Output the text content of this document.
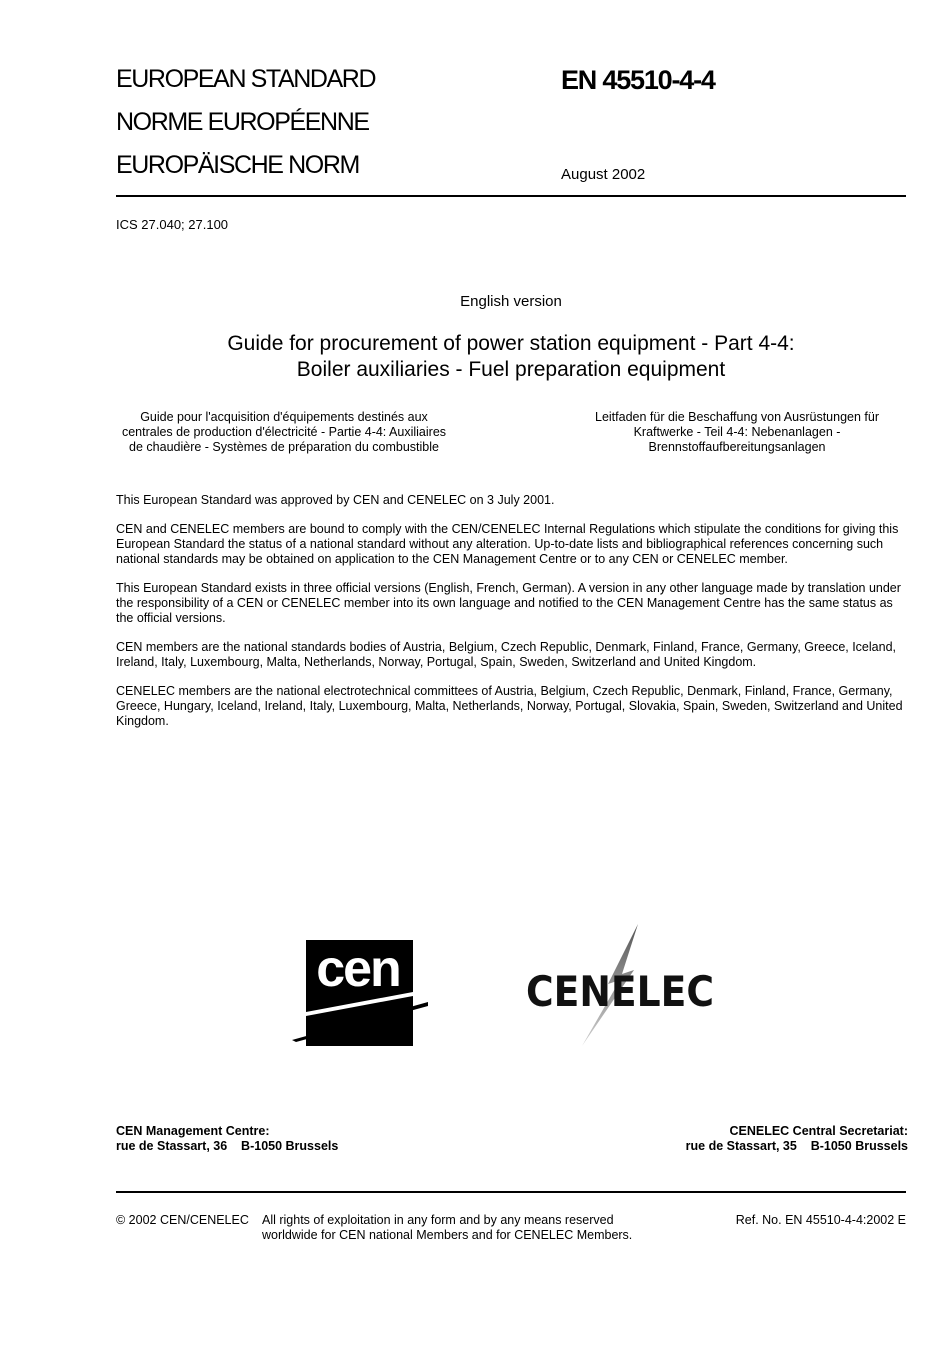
EUROPEAN STANDARD
NORME EUROPÉENNE
EUROPÄISCHE NORM
EN 45510-4-4
August 2002
ICS 27.040; 27.100
English version
Guide for procurement of power station equipment - Part 4-4:
Boiler auxiliaries - Fuel preparation equipment
Guide pour l'acquisition d'équipements destinés aux centrales de production d'électricité - Partie 4-4: Auxiliaires de chaudière - Systèmes de préparation du combustible
Leitfaden für die Beschaffung von Ausrüstungen für Kraftwerke - Teil 4-4: Nebenanlagen - Brennstoffaufbereitungsanlagen

This European Standard was approved by CEN and CENELEC on 3 July 2001.

CEN and CENELEC members are bound to comply with the CEN/CENELEC Internal Regulations which stipulate the conditions for giving this European Standard the status of a national standard without any alteration. Up-to-date lists and bibliographical references concerning such national standards may be obtained on application to the CEN Management Centre or to any CEN or CENELEC member.

This European Standard exists in three official versions (English, French, German). A version in any other language made by translation under the responsibility of a CEN or CENELEC member into its own language and notified to the CEN Management Centre has the same status as the official versions.

CEN members are the national standards bodies of Austria, Belgium, Czech Republic, Denmark, Finland, France, Germany, Greece, Iceland, Ireland, Italy, Luxembourg, Malta, Netherlands, Norway, Portugal, Spain, Sweden, Switzerland and United Kingdom.

CENELEC members are the national electrotechnical committees of Austria, Belgium, Czech Republic, Denmark, Finland, France, Germany, Greece, Hungary, Iceland, Ireland, Italy, Luxembourg, Malta, Netherlands, Norway, Portugal, Slovakia, Spain, Sweden, Switzerland and United Kingdom.

cen	CENELEC
CEN Management Centre:
rue de Stassart, 36    B-1050 Brussels
CENELEC Central Secretariat:
rue de Stassart, 35    B-1050 Brussels
© 2002 CEN/CENELEC All rights of exploitation in any form and by any means reserved worldwide for CEN national Members and for CENELEC Members.
Ref. No. EN 45510-4-4:2002 E
